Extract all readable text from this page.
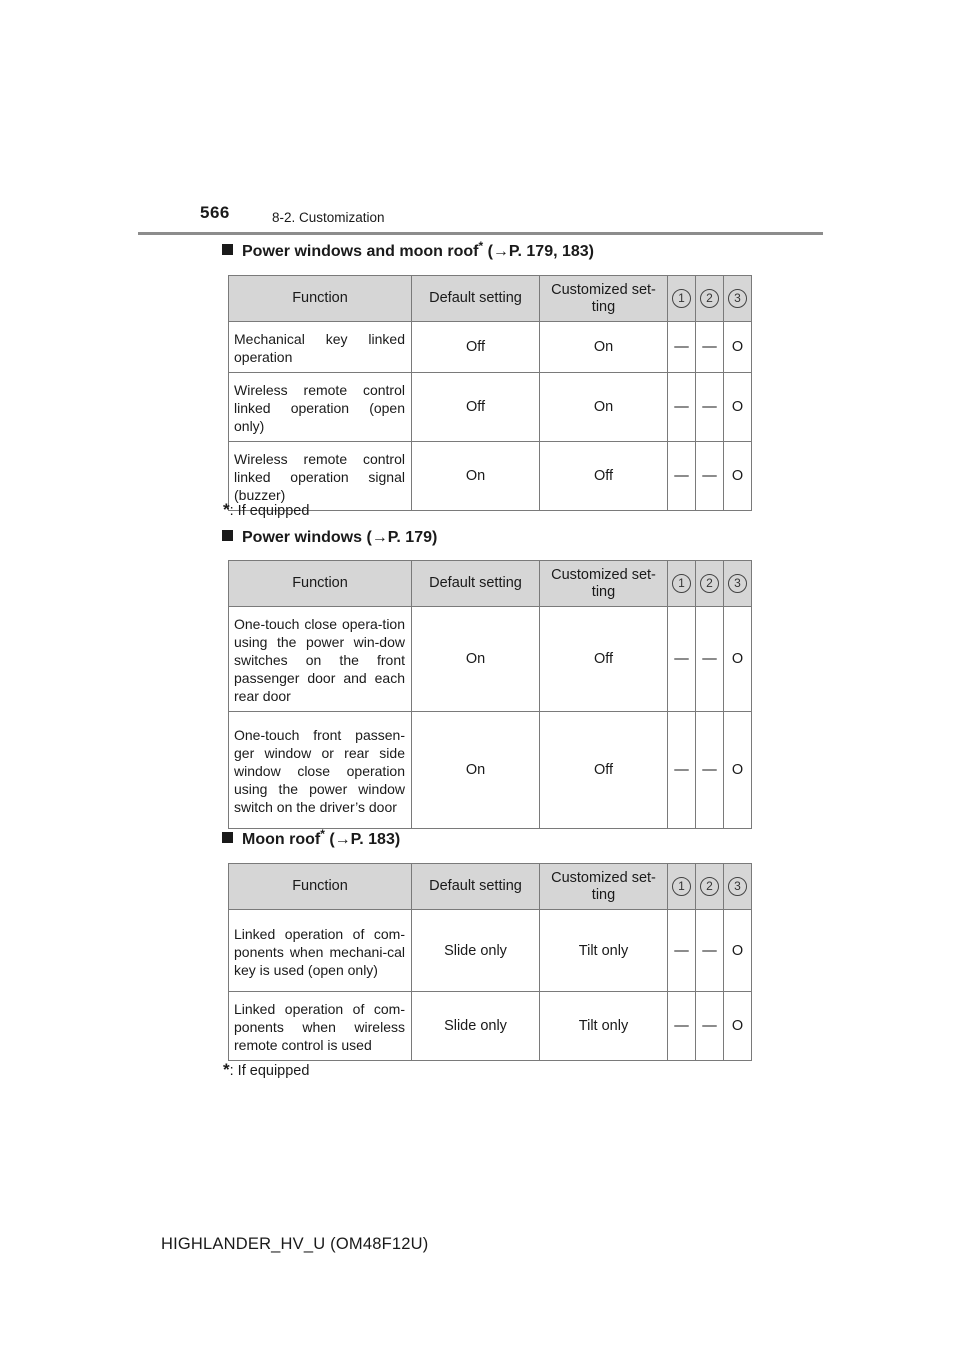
566	8-2. Customization
Power windows and moon roof* (→P. 179, 183)
Function	Default setting	Customized set-ting	1	2	3
Mechanical key linked operation	Off	On	—	—	O
Wireless remote control linked operation (open only)	Off	On	—	—	O
Wireless remote control linked operation signal (buzzer)	On	Off	—	—	O
*: If equipped
Power windows (→P. 179)
Function	Default setting	Customized set-ting	1	2	3
One-touch close opera-tion using the power win-dow switches on the front passenger door and each rear door	On	Off	—	—	O
One-touch front passen-ger window or rear side window close operation using the power window switch on the driver’s door	On	Off	—	—	O
Moon roof* (→P. 183)
Function	Default setting	Customized set-ting	1	2	3
Linked operation of com-ponents when mechani-cal key is used (open only)	Slide only	Tilt only	—	—	O
Linked operation of com-ponents when wireless remote control is used	Slide only	Tilt only	—	—	O
*: If equipped
HIGHLANDER_HV_U (OM48F12U)
